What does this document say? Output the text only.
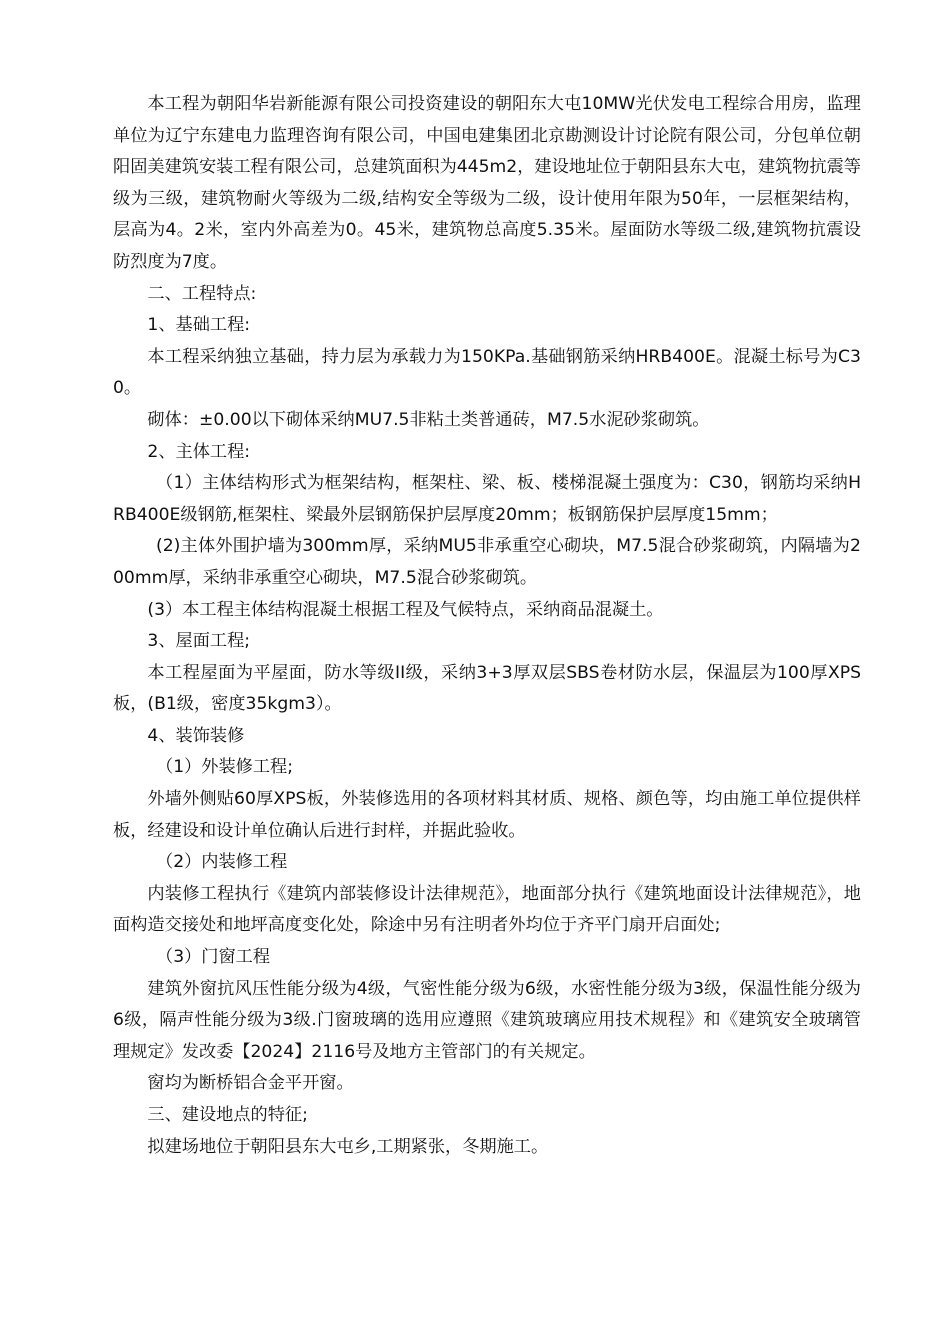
本工程为朝阳华岩新能源有限公司投资建设的朝阳东大屯10MW光伏发电工程综合用房，监理单位为辽宁东建电力监理咨询有限公司，中国电建集团北京勘测设计讨论院有限公司，分包单位朝阳固美建筑安装工程有限公司，总建筑面积为445m2，建设地址位于朝阳县东大屯，建筑物抗震等级为三级，建筑物耐火等级为二级,结构安全等级为二级，设计使用年限为50年，一层框架结构，层高为4。2米，室内外高差为0。45米，建筑物总高度5.35米。屋面防水等级二级,建筑物抗震设防烈度为7度。

二、工程特点:

1、基础工程:

本工程采纳独立基础，持力层为承载力为150KPa.基础钢筋采纳HRB400E。混凝土标号为C30。

砌体：±0.00以下砌体采纳MU7.5非粘土类普通砖，M7.5水泥砂浆砌筑。

2、主体工程:

（1）主体结构形式为框架结构，框架柱、梁、板、楼梯混凝土强度为：C30，钢筋均采纳HRB400E级钢筋,框架柱、梁最外层钢筋保护层厚度20mm；板钢筋保护层厚度15mm；

(2)主体外围护墙为300mm厚，采纳MU5非承重空心砌块，M7.5混合砂浆砌筑，内隔墙为200mm厚，采纳非承重空心砌块，M7.5混合砂浆砌筑。

(3）本工程主体结构混凝土根据工程及气候特点，采纳商品混凝土。

3、屋面工程;

本工程屋面为平屋面，防水等级II级，采纳3+3厚双层SBS卷材防水层，保温层为100厚XPS板，(B1级，密度35kgm3）。

4、装饰装修

（1）外装修工程;

外墙外侧贴60厚XPS板，外装修选用的各项材料其材质、规格、颜色等，均由施工单位提供样板，经建设和设计单位确认后进行封样，并据此验收。

（2）内装修工程

内装修工程执行《建筑内部装修设计法律规范》，地面部分执行《建筑地面设计法律规范》，地面构造交接处和地坪高度变化处，除途中另有注明者外均位于齐平门扇开启面处;

（3）门窗工程

建筑外窗抗风压性能分级为4级，气密性能分级为6级，水密性能分级为3级，保温性能分级为6级，隔声性能分级为3级.门窗玻璃的选用应遵照《建筑玻璃应用技术规程》和《建筑安全玻璃管理规定》发改委【2024】2116号及地方主管部门的有关规定。

窗均为断桥铝合金平开窗。

三、建设地点的特征;

拟建场地位于朝阳县东大屯乡,工期紧张，冬期施工。
